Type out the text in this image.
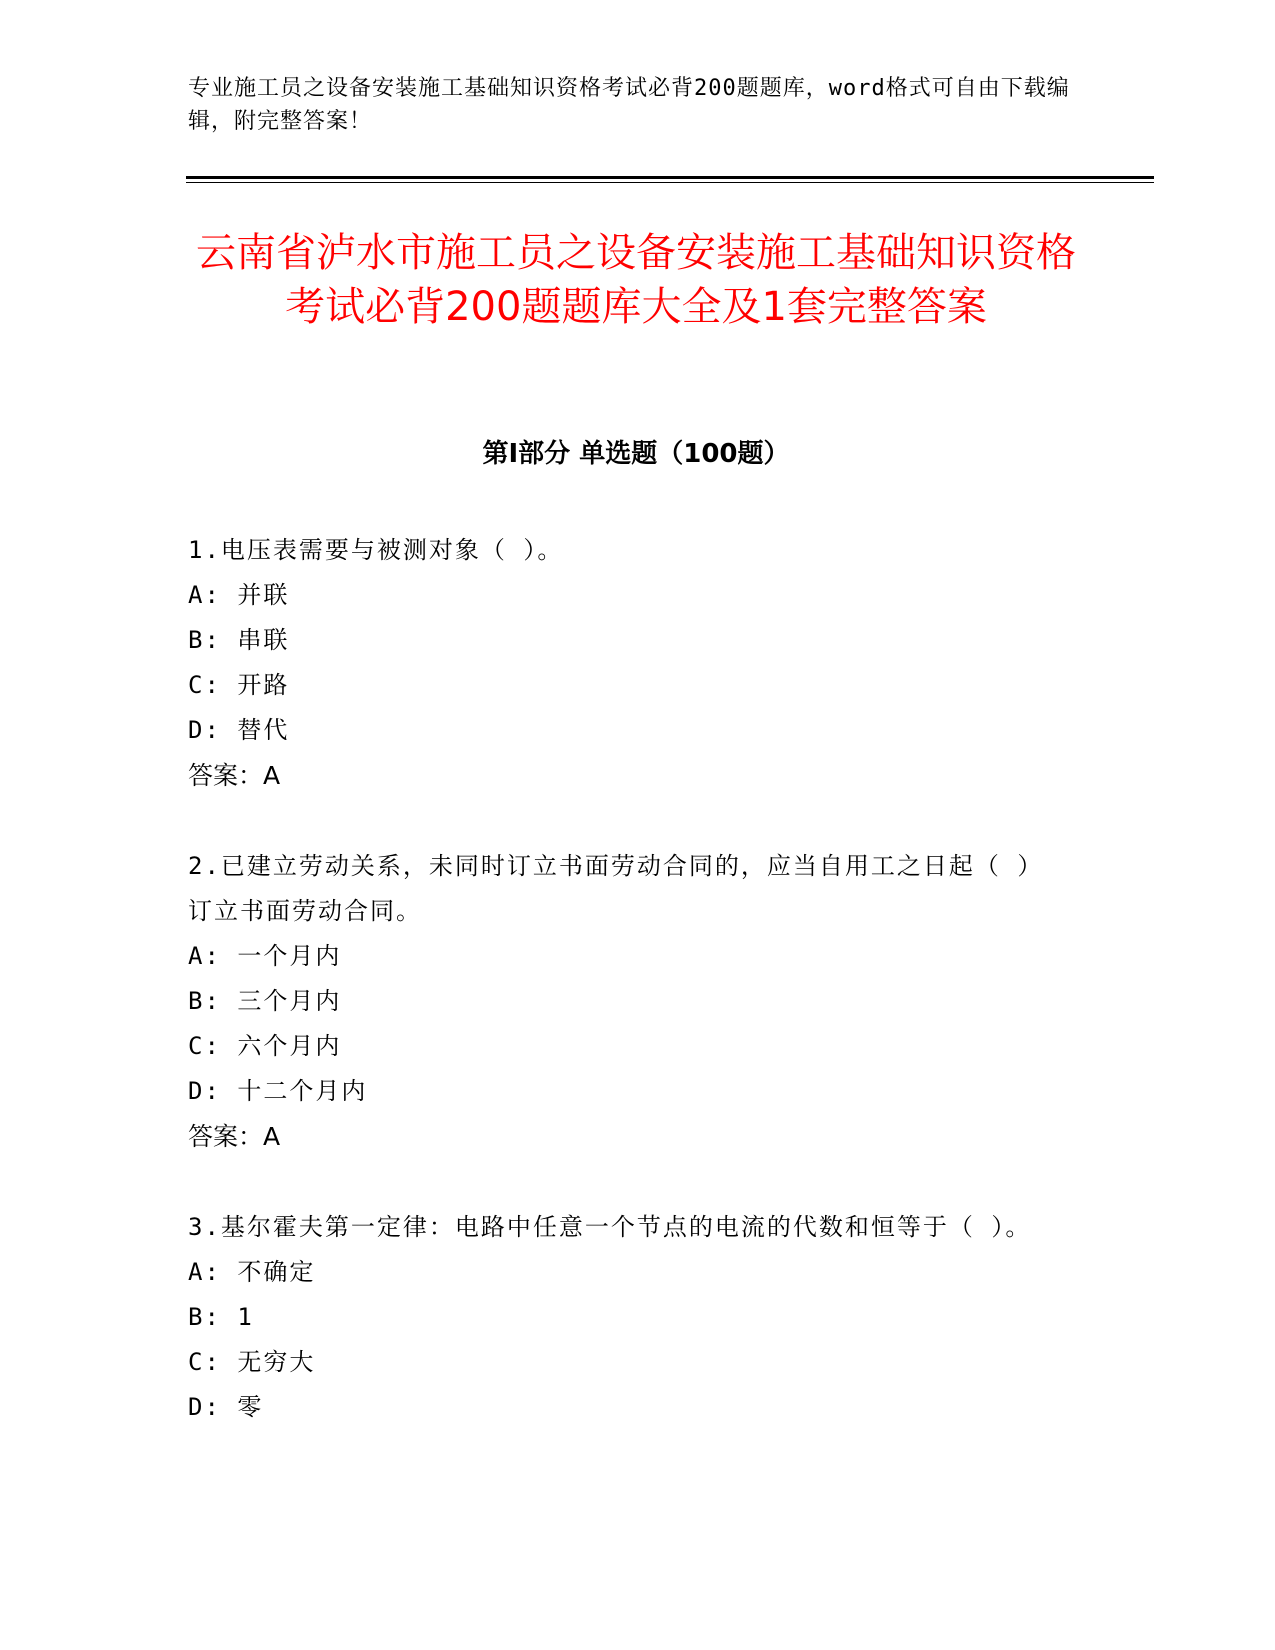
专业施工员之设备安装施工基础知识资格考试必背200题题库，word格式可自由下载编辑，附完整答案！
云南省泸水市施工员之设备安装施工基础知识资格考试必背200题题库大全及1套完整答案
第Ⅰ部分 单选题（100题）
1.电压表需要与被测对象（ ）。
A: 并联
B: 串联
C: 开路
D: 替代
答案：A
2.已建立劳动关系，未同时订立书面劳动合同的，应当自用工之日起（ ）订立书面劳动合同。
A: 一个月内
B: 三个月内
C: 六个月内
D: 十二个月内
答案：A
3.基尔霍夫第一定律：电路中任意一个节点的电流的代数和恒等于（ ）。
A: 不确定
B: 1
C: 无穷大
D: 零
